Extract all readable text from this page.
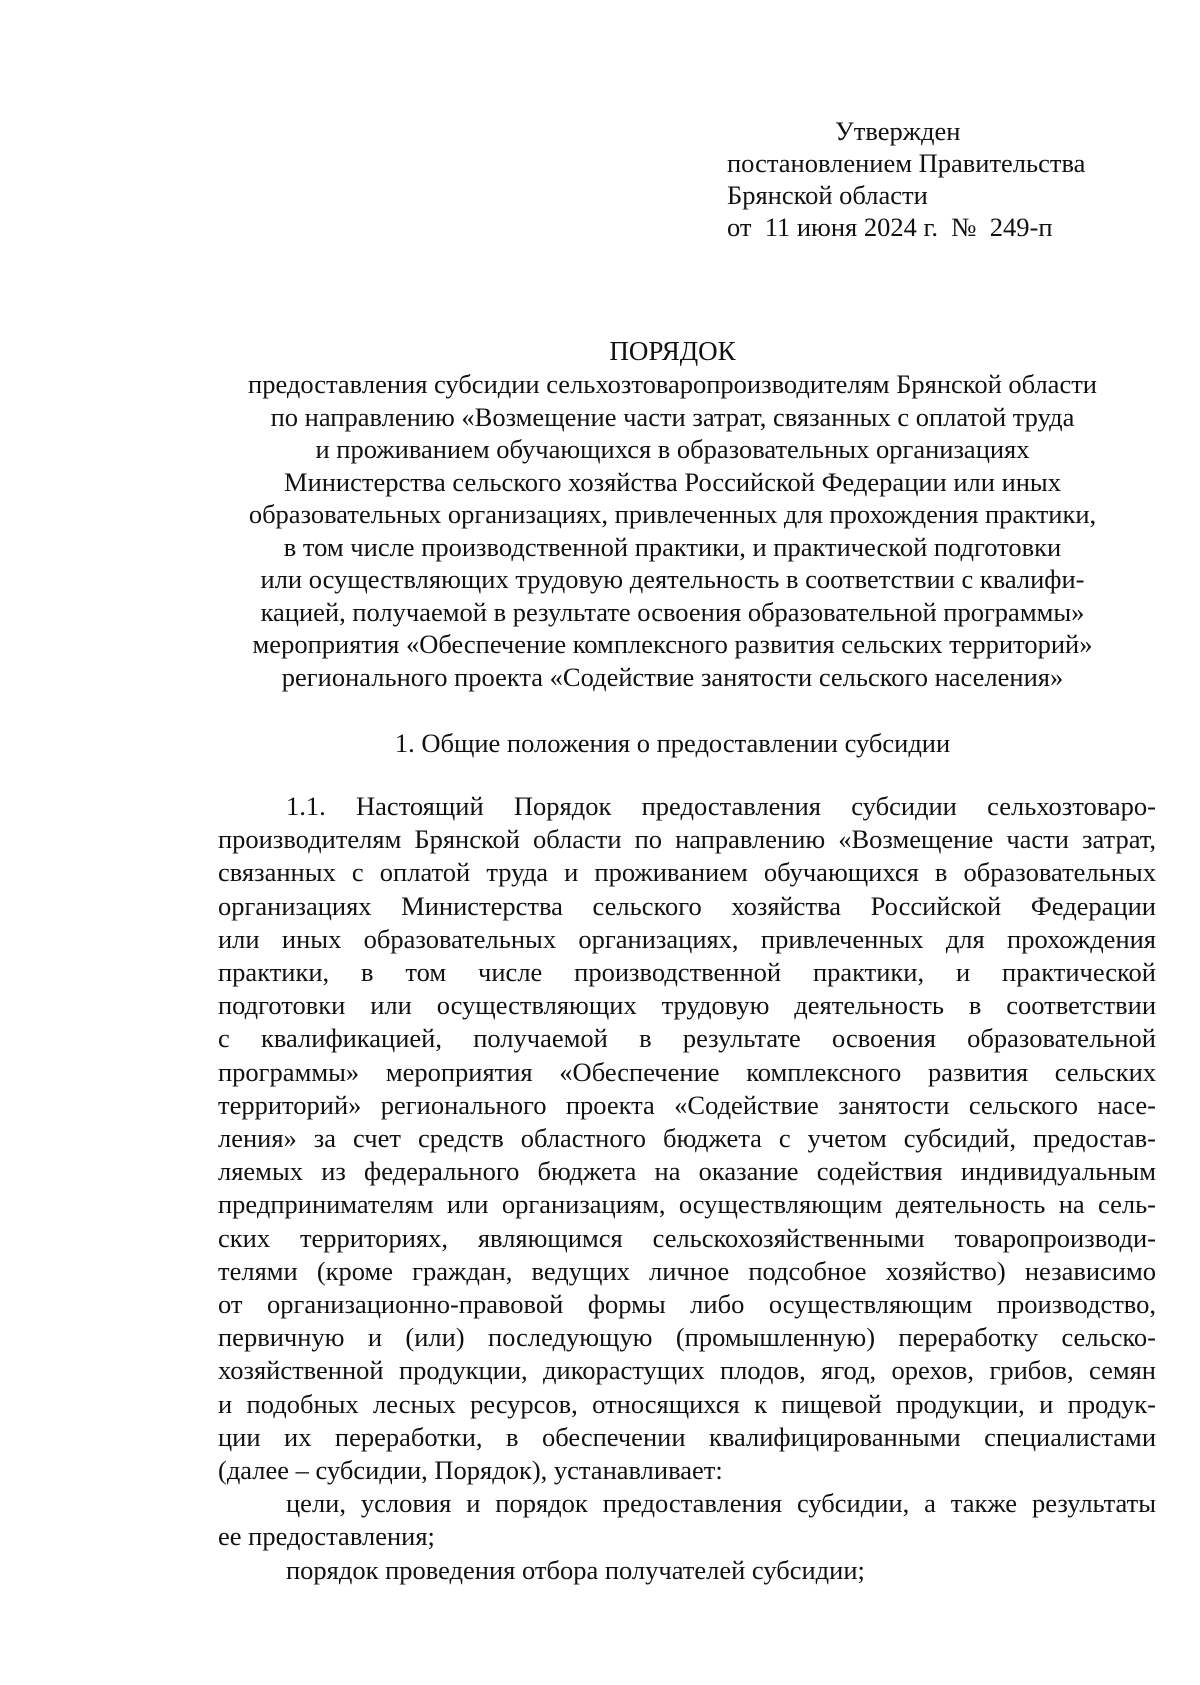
Утвержден
постановлением Правительства
Брянской области
от  11 июня 2024 г.  №  249-п
ПОРЯДОК
предоставления субсидии сельхозтоваропроизводителям Брянской области
по направлению «Возмещение части затрат, связанных с оплатой труда
и проживанием обучающихся в образовательных организациях
Министерства сельского хозяйства Российской Федерации или иных
образовательных организациях, привлеченных для прохождения практики,
в том числе производственной практики, и практической подготовки
или осуществляющих трудовую деятельность в соответствии с квалифи-
кацией, получаемой в результате освоения образовательной программы»
мероприятия «Обеспечение комплексного развития сельских территорий»
регионального проекта «Содействие занятости сельского населения»
1. Общие положения о предоставлении субсидии
1.1. Настоящий Порядок предоставления субсидии сельхозтоваро-
производителям Брянской области по направлению «Возмещение части затрат,
связанных с оплатой труда и проживанием обучающихся в образовательных
организациях Министерства сельского хозяйства Российской Федерации
или иных образовательных организациях, привлеченных для прохождения
практики, в том числе производственной практики, и практической
подготовки или осуществляющих трудовую деятельность в соответствии
с квалификацией, получаемой в результате освоения образовательной
программы» мероприятия «Обеспечение комплексного развития сельских
территорий» регионального проекта «Содействие занятости сельского насе-
ления» за счет средств областного бюджета с учетом субсидий, предостав-
ляемых из федерального бюджета на оказание содействия индивидуальным
предпринимателям или организациям, осуществляющим деятельность на сель-
ских территориях, являющимся сельскохозяйственными товаропроизводи-
телями (кроме граждан, ведущих личное подсобное хозяйство) независимо
от организационно-правовой формы либо осуществляющим производство,
первичную и (или) последующую (промышленную) переработку сельско-
хозяйственной продукции, дикорастущих плодов, ягод, орехов, грибов, семян
и подобных лесных ресурсов, относящихся к пищевой продукции, и продук-
ции их переработки, в обеспечении квалифицированными специалистами
(далее – субсидии, Порядок), устанавливает:
цели, условия и порядок предоставления субсидии, а также результаты
ее предоставления;
порядок проведения отбора получателей субсидии;
